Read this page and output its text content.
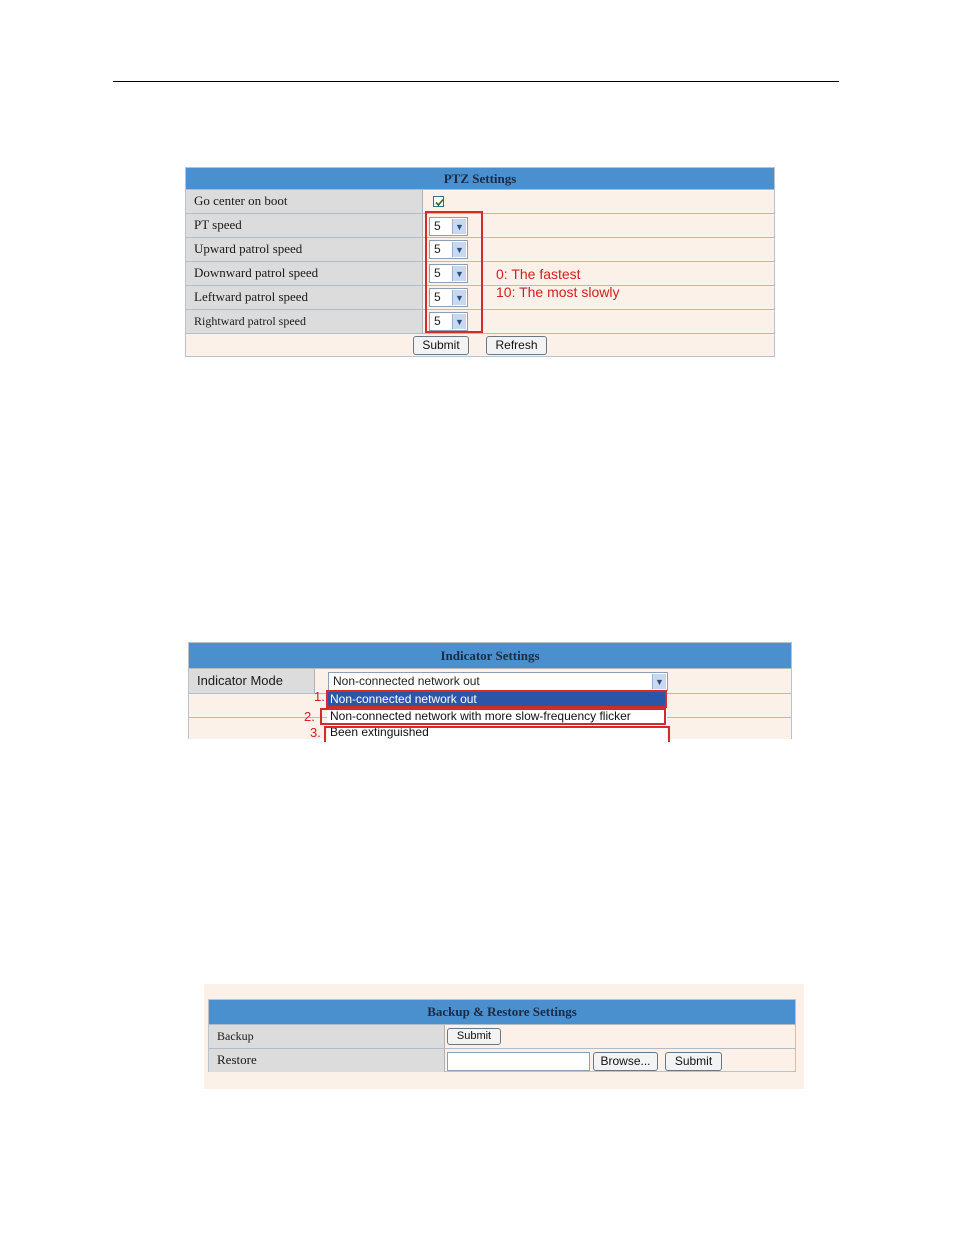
PTZ Settings
Go center on boot
PT speed	5	▼
Upward patrol speed	5	▼
Downward patrol speed	5	▼
Leftward patrol speed	5	▼
Rightward patrol speed	5	▼
Submit	Refresh
0: The fastest
10: The most slowly
Indicator Settings
Indicator Mode	Non-connected network out	▼
Non-connected network out
Non-connected network with more slow-frequency flicker
Been extinguished
1.
2.
3.
Backup & Restore Settings
Backup	Submit
Restore	Browse...	Submit
